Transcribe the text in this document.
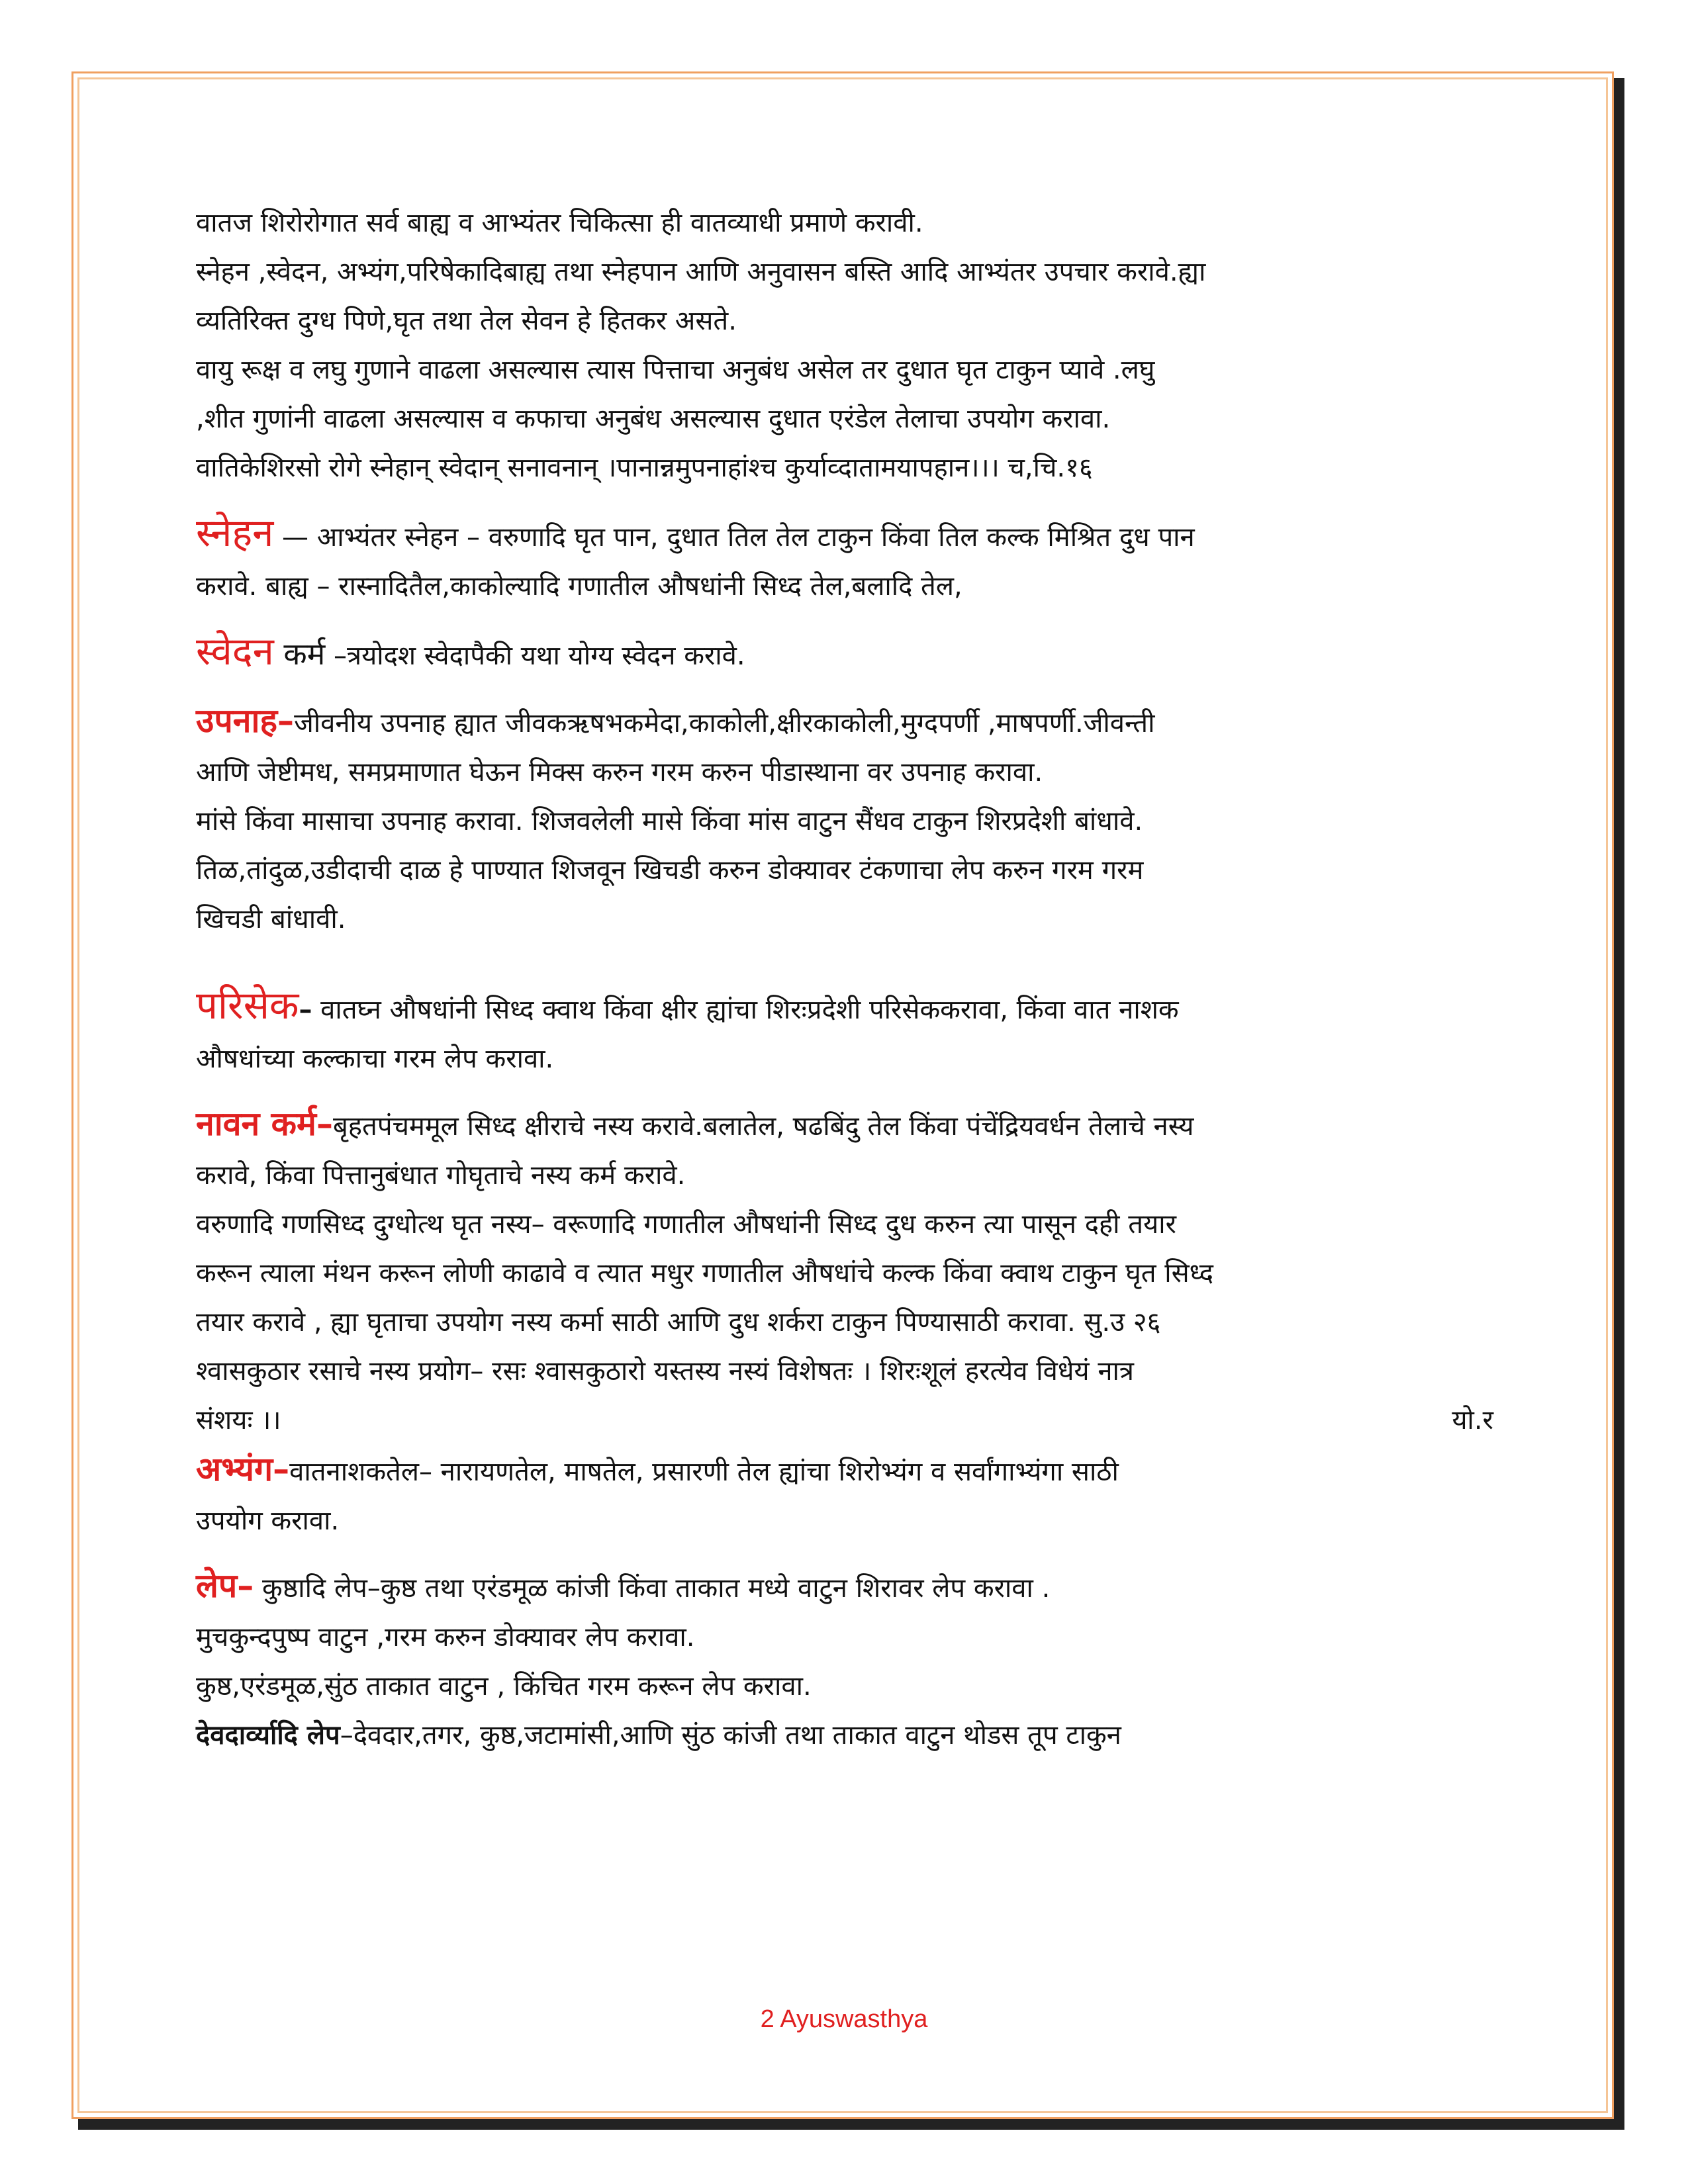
वातज शिरोरोगात सर्व बाह्य व आभ्यंतर चिकित्सा ही वातव्याधी प्रमाणे करावी.
स्नेहन ,स्वेदन, अभ्यंग,परिषेकादिबाह्य तथा स्नेहपान आणि अनुवासन बस्ति आदि आभ्यंतर उपचार करावे.ह्या
व्यतिरिक्त दुग्ध पिणे,घृत तथा तेल सेवन हे हितकर असते.
वायु रूक्ष व लघु गुणाने वाढला असल्यास त्यास पित्ताचा अनुबंध असेल तर दुधात घृत टाकुन प्यावे .लघु
,शीत गुणांनी वाढला असल्यास व कफाचा अनुबंध असल्यास दुधात एरंडेल तेलाचा उपयोग करावा.
वातिकेशिरसो रोगे स्नेहान् स्वेदान् सनावनान् ।पानान्नमुपनाहांश्च कुर्याव्दातामयापहान।।। च,चि.१६
स्नेहन — आभ्यंतर स्नेहन – वरुणादि घृत पान, दुधात तिल तेल टाकुन किंवा तिल कल्क मिश्रित दुध पान
करावे. बाह्य – रास्नादितैल,काकोल्यादि गणातील औषधांनी सिध्द तेल,बलादि तेल,
स्वेदन कर्म –त्रयोदश स्वेदापैकी यथा योग्य स्वेदन करावे.
उपनाह–जीवनीय उपनाह ह्यात जीवकऋषभकमेदा,काकोली,क्षीरकाकोली,मुग्दपर्णी ,माषपर्णी.जीवन्ती
आणि जेष्टीमध, समप्रमाणात घेऊन मिक्स करुन गरम करुन पीडास्थाना वर उपनाह करावा.
मांसे किंवा मासाचा उपनाह करावा. शिजवलेली मासे किंवा मांस वाटुन सैंधव टाकुन शिरप्रदेशी बांधावे.
तिळ,तांदुळ,उडीदाची दाळ हे पाण्यात शिजवून खिचडी करुन डोक्यावर टंकणाचा लेप करुन गरम गरम
खिचडी बांधावी.
परिसेक– वातघ्न औषधांनी सिध्द क्वाथ किंवा क्षीर ह्यांचा शिरःप्रदेशी परिसेककरावा, किंवा वात नाशक
औषधांच्या कल्काचा गरम लेप करावा.
नावन कर्म–बृहतपंचममूल सिध्द क्षीराचे नस्य करावे.बलातेल, षढबिंदु तेल किंवा पंचेंद्रियवर्धन तेलाचे नस्य
करावे, किंवा पित्तानुबंधात गोघृताचे नस्य कर्म करावे.
वरुणादि गणसिध्द दुग्धोत्थ घृत नस्य– वरूणादि गणातील औषधांनी सिध्द दुध करुन त्या पासून दही तयार
करून त्याला मंथन करून लोणी काढावे व त्यात मधुर गणातील औषधांचे कल्क किंवा क्वाथ टाकुन घृत सिध्द
तयार करावे , ह्या घृताचा उपयोग नस्य कर्मा साठी आणि दुध शर्करा टाकुन पिण्यासाठी करावा. सु.उ २६
श्वासकुठार रसाचे नस्य प्रयोग– रसः श्वासकुठारो यस्तस्य नस्यं विशेषतः । शिरःशूलं हरत्येव विधेयं नात्र
संशयः ।।	यो.र
अभ्यंग–वातनाशकतेल– नारायणतेल, माषतेल, प्रसारणी तेल ह्यांचा शिरोभ्यंग व सर्वांगाभ्यंगा साठी
उपयोग करावा.
लेप– कुष्ठादि लेप–कुष्ठ तथा एरंडमूळ कांजी किंवा ताकात मध्ये वाटुन शिरावर लेप करावा .
मुचकुन्दपुष्प वाटुन ,गरम करुन डोक्यावर लेप करावा.
कुष्ठ,एरंडमूळ,सुंठ ताकात वाटुन , किंचित गरम करून लेप करावा.
देवदार्व्यादि लेप–देवदार,तगर, कुष्ठ,जटामांसी,आणि सुंठ कांजी तथा ताकात वाटुन थोडस तूप टाकुन
2 Ayuswasthya
